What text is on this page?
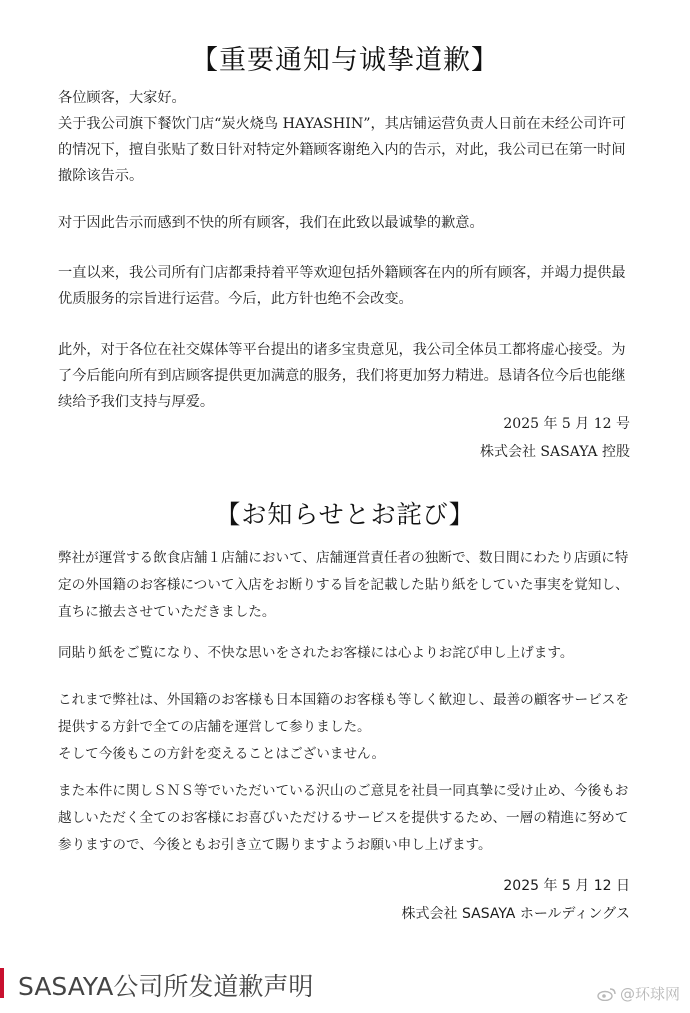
【重要通知与诚挚道歉】

各位顾客，大家好。
关于我公司旗下餐饮门店“炭火烧鸟 HAYASHIN”，其店铺运营负责人日前在未经公司许可的情况下，擅自张贴了数日针对特定外籍顾客谢绝入内的告示，对此，我公司已在第一时间撤除该告示。

对于因此告示而感到不快的所有顾客，我们在此致以最诚挚的歉意。

一直以来，我公司所有门店都秉持着平等欢迎包括外籍顾客在内的所有顾客，并竭力提供最优质服务的宗旨进行运营。今后，此方针也绝不会改变。

此外，对于各位在社交媒体等平台提出的诸多宝贵意见，我公司全体员工都将虚心接受。为了今后能向所有到店顾客提供更加满意的服务，我们将更加努力精进。恳请各位今后也能继续给予我们支持与厚爱。

2025 年 5 月 12 号
株式会社 SASAYA 控股
【お知らせとお詫び】

弊社が運営する飲食店舗１店舗において、店舗運営責任者の独断で、数日間にわたり店頭に特定の外国籍のお客様について入店をお断りする旨を記載した貼り紙をしていた事実を覚知し、直ちに撤去させていただきました。

同貼り紙をご覧になり、不快な思いをされたお客様には心よりお詫び申し上げます。

これまで弊社は、外国籍のお客様も日本国籍のお客様も等しく歓迎し、最善の顧客サービスを提供する方針で全ての店舗を運営して参りました。
そして今後もこの方針を変えることはございません。

また本件に関しＳＮＳ等でいただいている沢山のご意見を社員一同真摯に受け止め、今後もお越しいただく全てのお客様にお喜びいただけるサービスを提供するため、一層の精進に努めて参りますので、今後ともお引き立て賜りますようお願い申し上げます。

2025 年 5 月 12 日
株式会社 SASAYA ホールディングス
SASAYA公司所发道歉声明	@环球网
